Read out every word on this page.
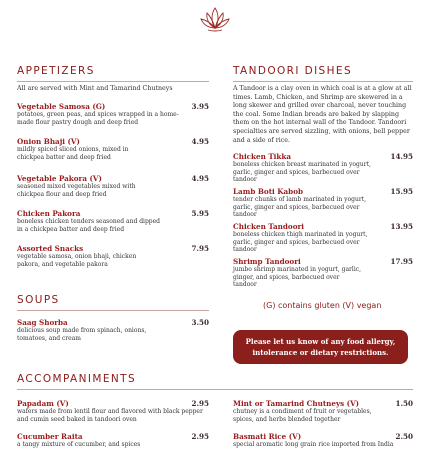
APPETIZERS
All are served with Mint and Tamarind Chutneys
Vegetable Samosa (G)
potatoes, green peas, and spices wrapped in a home-made flour pastry dough and deep fried
3.95
Onion Bhaji (V)
mildly spiced sliced onions, mixed in chickpea batter and deep fried
4.95
Vegetable Pakora (V)
seasoned mixed vegetables mixed with chickpea flour and deep fried
4.95
Chicken Pakora
boneless chicken tenders seasoned and dipped in a chickpea batter and deep fried
5.95
Assorted Snacks
vegetable samosa, onion bhaji, chicken pakora, and vegetable pakora
7.95
SOUPS
Saag Shorba
delicious soup made from spinach, onions, tomatoes, and cream
3.50
TANDOORI DISHES
A Tandoor is a clay oven in which coal is at a glow at all times. Lamb, Chicken, and Shrimp are skewered in a long skewer and grilled over charcoal, never touching the coal. Some Indian breads are baked by slapping them on the hot internal wall of the Tandoor. Tandoori specialties are served sizzling, with onions, bell pepper and a side of rice.
Chicken Tikka
boneless chicken breast marinated in yogurt, garlic, ginger and spices, barbecued over tandoor
14.95
Lamb Boti Kabob
tender chunks of lamb marinated in yogurt, garlic, ginger and spices, barbecued over tandoor
15.95
Chicken Tandoori
boneless chicken thigh marinated in yogurt, garlic, ginger and spices, barbecued over tandoor
13.95
Shrimp Tandoori
jumbo shrimp marinated in yogurt, garlic, ginger, and spices, barbecued over tandoor
17.95
(G) contains gluten (V) vegan
Please let us know of any food allergy, intolerance or dietary restrictions.
ACCOMPANIMENTS
Papadam (V)
wafers made from lentil flour and flavored with black pepper and cumin seed baked in tandoori oven
2.95	Mint or Tamarind Chutneys (V)
chutney is a condiment of fruit or vegetables, spices, and herbs blended together
1.50
Cucumber Raita
a tangy mixture of cucumber, and spices
2.95	Basmati Rice (V)
special aromatic long grain rice imported from India
2.50
